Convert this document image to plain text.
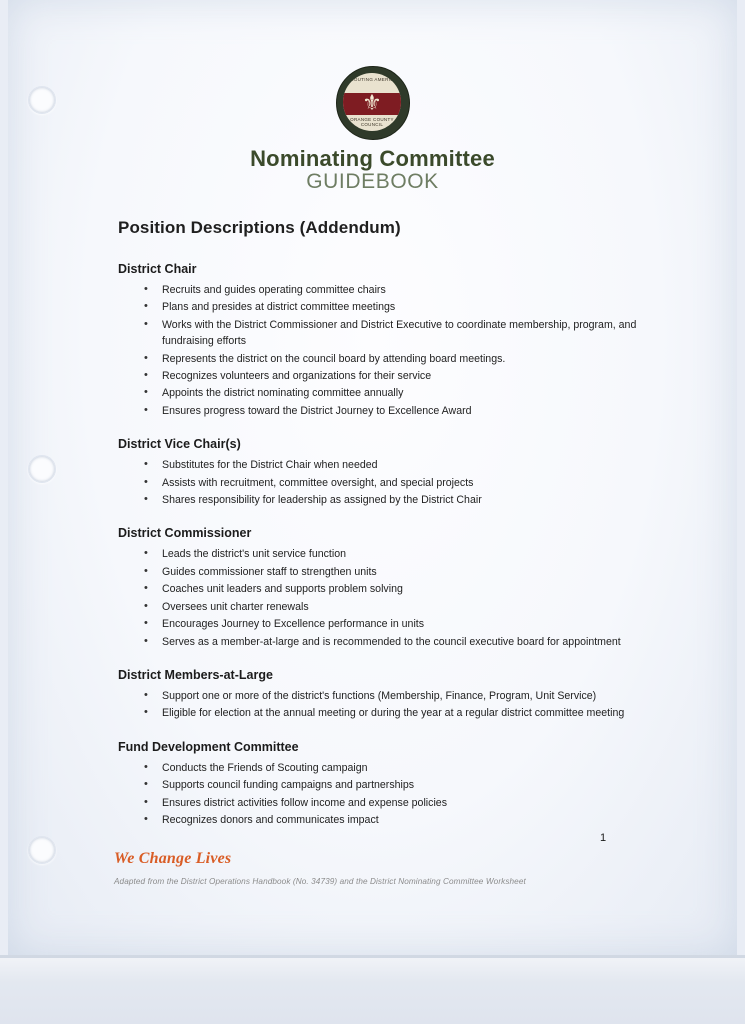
SCOUTING AMERICA
⚜
ORANGE COUNTY COUNCIL
Nominating Committee
GUIDEBOOK
Position Descriptions (Addendum)
District Chair
• Recruits and guides operating committee chairs
• Plans and presides at district committee meetings
• Works with the District Commissioner and District Executive to coordinate membership, program, and fundraising efforts
• Represents the district on the council board by attending board meetings.
• Recognizes volunteers and organizations for their service
• Appoints the district nominating committee annually
• Ensures progress toward the District Journey to Excellence Award
District Vice Chair(s)
• Substitutes for the District Chair when needed
• Assists with recruitment, committee oversight, and special projects
• Shares responsibility for leadership as assigned by the District Chair
District Commissioner
• Leads the district's unit service function
• Guides commissioner staff to strengthen units
• Coaches unit leaders and supports problem solving
• Oversees unit charter renewals
• Encourages Journey to Excellence performance in units
• Serves as a member-at-large and is recommended to the council executive board for appointment
District Members-at-Large
• Support one or more of the district's functions (Membership, Finance, Program, Unit Service)
• Eligible for election at the annual meeting or during the year at a regular district committee meeting
Fund Development Committee
• Conducts the Friends of Scouting campaign
• Supports council funding campaigns and partnerships
• Ensures district activities follow income and expense policies
• Recognizes donors and communicates impact
1
We Change Lives
Adapted from the District Operations Handbook (No. 34739) and the District Nominating Committee Worksheet
